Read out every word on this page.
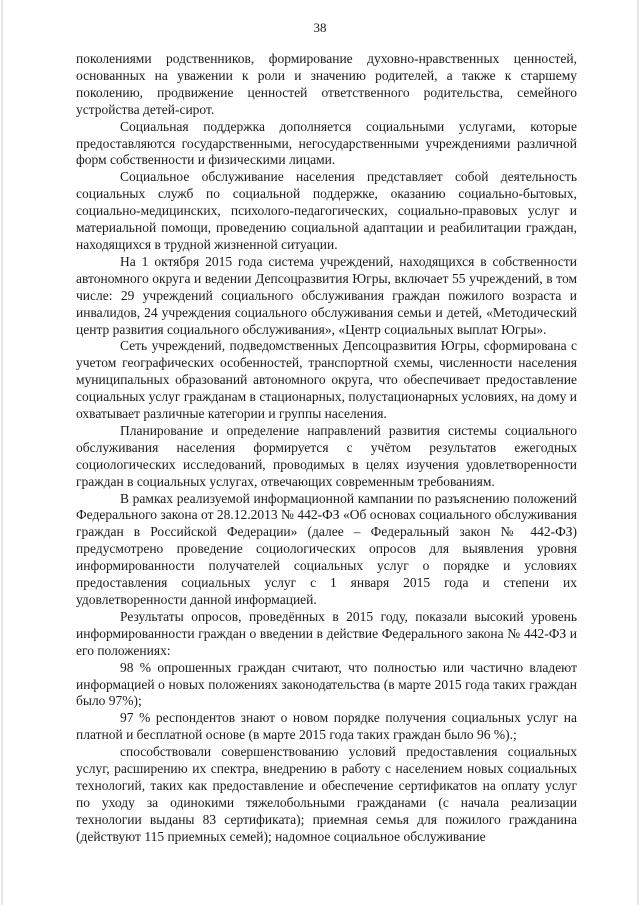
38

поколениями родственников, формирование духовно-нравственных ценностей, основанных на уважении к роли и значению родителей, а также к старшему поколению, продвижение ценностей ответственного родительства, семейного устройства детей-сирот.

Социальная поддержка дополняется социальными услугами, которые предоставляются государственными, негосударственными учреждениями различной форм собственности и физическими лицами.

Социальное обслуживание населения представляет собой деятельность социальных служб по социальной поддержке, оказанию социально-бытовых, социально-медицинских, психолого-педагогических, социально-правовых услуг и материальной помощи, проведению социальной адаптации и реабилитации граждан, находящихся в трудной жизненной ситуации.

На 1 октября 2015 года система учреждений, находящихся в собственности автономного округа и ведении Депсоцразвития Югры, включает 55 учреждений, в том числе: 29 учреждений социального обслуживания граждан пожилого возраста и инвалидов, 24 учреждения социального обслуживания семьи и детей, «Методический центр развития социального обслуживания», «Центр социальных выплат Югры».

Сеть учреждений, подведомственных Депсоцразвития Югры, сформирована с учетом географических особенностей, транспортной схемы, численности населения муниципальных образований автономного округа, что обеспечивает предоставление социальных услуг гражданам в стационарных, полустационарных условиях, на дому и охватывает различные категории и группы населения.

Планирование и определение направлений развития системы социального обслуживания населения формируется с учётом результатов ежегодных социологических исследований, проводимых в целях изучения удовлетворенности граждан в социальных услугах, отвечающих современным требованиям.

В рамках реализуемой информационной кампании по разъяснению положений Федерального закона от 28.12.2013 № 442-ФЗ «Об основах социального обслуживания граждан в Российской Федерации» (далее – Федеральный закон № 442-ФЗ) предусмотрено проведение социологических опросов для выявления уровня информированности получателей социальных услуг о порядке и условиях предоставления социальных услуг с 1 января 2015 года и степени их удовлетворенности данной информацией.

Результаты опросов, проведённых в 2015 году, показали высокий уровень информированности граждан о введении в действие Федерального закона № 442-ФЗ и его положениях:

98 % опрошенных граждан считают, что полностью или частично владеют информацией о новых положениях законодательства (в марте 2015 года таких граждан было 97%);

97 % респондентов знают о новом порядке получения социальных услуг на платной и бесплатной основе (в марте 2015 года таких граждан было 96 %).;

способствовали совершенствованию условий предоставления социальных услуг, расширению их спектра, внедрению в работу с населением новых социальных технологий, таких как предоставление и обеспечение сертификатов на оплату услуг по уходу за одинокими тяжелобольными гражданами (с начала реализации технологии выданы 83 сертификата); приемная семья для пожилого гражданина (действуют 115 приемных семей); надомное социальное обслуживание
